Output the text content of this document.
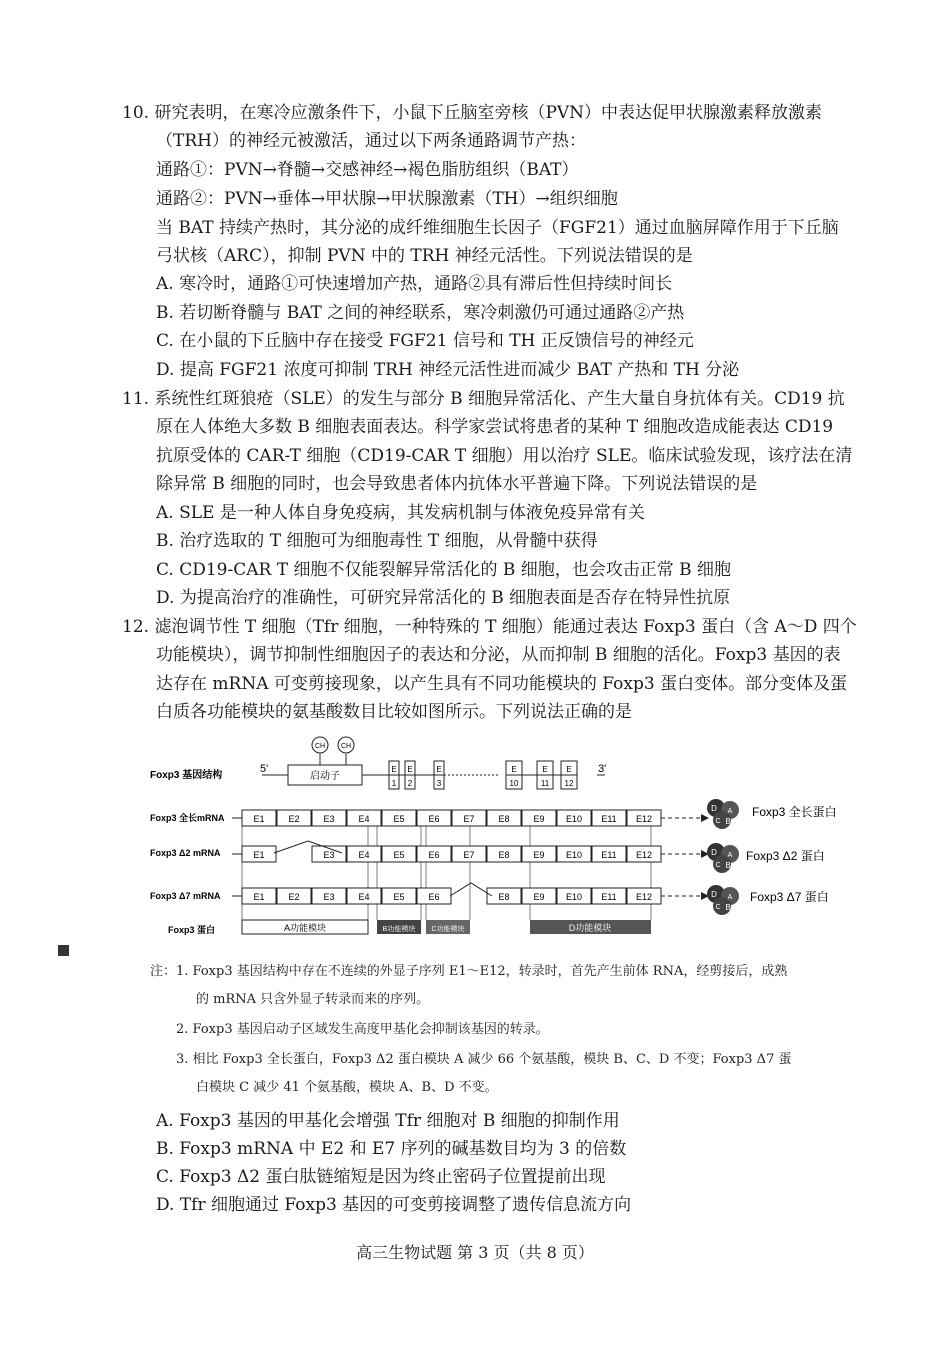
10. 研究表明，在寒冷应激条件下，小鼠下丘脑室旁核（PVN）中表达促甲状腺激素释放激素
（TRH）的神经元被激活，通过以下两条通路调节产热：
通路①：PVN→脊髓→交感神经→褐色脂肪组织（BAT）
通路②：PVN→垂体→甲状腺→甲状腺激素（TH）→组织细胞
当 BAT 持续产热时，其分泌的成纤维细胞生长因子（FGF21）通过血脑屏障作用于下丘脑
弓状核（ARC），抑制 PVN 中的 TRH 神经元活性。下列说法错误的是
A. 寒冷时，通路①可快速增加产热，通路②具有滞后性但持续时间长
B. 若切断脊髓与 BAT 之间的神经联系，寒冷刺激仍可通过通路②产热
C. 在小鼠的下丘脑中存在接受 FGF21 信号和 TH 正反馈信号的神经元
D. 提高 FGF21 浓度可抑制 TRH 神经元活性进而减少 BAT 产热和 TH 分泌
11. 系统性红斑狼疮（SLE）的发生与部分 B 细胞异常活化、产生大量自身抗体有关。CD19 抗
原在人体绝大多数 B 细胞表面表达。科学家尝试将患者的某种 T 细胞改造成能表达 CD19
抗原受体的 CAR-T 细胞（CD19-CAR T 细胞）用以治疗 SLE。临床试验发现，该疗法在清
除异常 B 细胞的同时，也会导致患者体内抗体水平普遍下降。下列说法错误的是
A. SLE 是一种人体自身免疫病，其发病机制与体液免疫异常有关
B. 治疗选取的 T 细胞可为细胞毒性 T 细胞，从骨髓中获得
C. CD19-CAR T 细胞不仅能裂解异常活化的 B 细胞，也会攻击正常 B 细胞
D. 为提高治疗的准确性，可研究异常活化的 B 细胞表面是否存在特异性抗原
12. 滤泡调节性 T 细胞（Tfr 细胞，一种特殊的 T 细胞）能通过表达 Foxp3 蛋白（含 A～D 四个
功能模块），调节抑制性细胞因子的表达和分泌，从而抑制 B 细胞的活化。Foxp3 基因的表
达存在 mRNA 可变剪接现象，以产生具有不同功能模块的 Foxp3 蛋白变体。部分变体及蛋
白质各功能模块的氨基酸数目比较如图所示。下列说法正确的是
Foxp3 基因结构
5'
启动子
CH CH
E
1
E
2
E
3
E
10
E
11
E
12
3'
Foxp3 全长mRNA
Foxp3 Δ2 mRNA
Foxp3 Δ7 mRNA
Foxp3 蛋白
E1	E2	E3	E4	E5	E6	E7	E8	E9 E10 E11 E12
E1	E3	E4	E5	E6	E7	E8	E9 E10 E11 E12
E1	E2	E3	E4	E5	E6	E8	E9 E10 E11 E12
A功能模块	B功能模块 C功能模块	D功能模块
D A
C B
D A
C B
D A
C B
Foxp3 全长蛋白
Foxp3 Δ2 蛋白
Foxp3 Δ7 蛋白
注：1. Foxp3 基因结构中存在不连续的外显子序列 E1～E12，转录时，首先产生前体 RNA，经剪接后，成熟
的 mRNA 只含外显子转录而来的序列。
2. Foxp3 基因启动子区域发生高度甲基化会抑制该基因的转录。
3. 相比 Foxp3 全长蛋白，Foxp3 Δ2 蛋白模块 A 减少 66 个氨基酸，模块 B、C、D 不变；Foxp3 Δ7 蛋
白模块 C 减少 41 个氨基酸，模块 A、B、D 不变。
A. Foxp3 基因的甲基化会增强 Tfr 细胞对 B 细胞的抑制作用
B. Foxp3 mRNA 中 E2 和 E7 序列的碱基数目均为 3 的倍数
C. Foxp3 Δ2 蛋白肽链缩短是因为终止密码子位置提前出现
D. Tfr 细胞通过 Foxp3 基因的可变剪接调整了遗传信息流方向
高三生物试题 第 3 页（共 8 页）
